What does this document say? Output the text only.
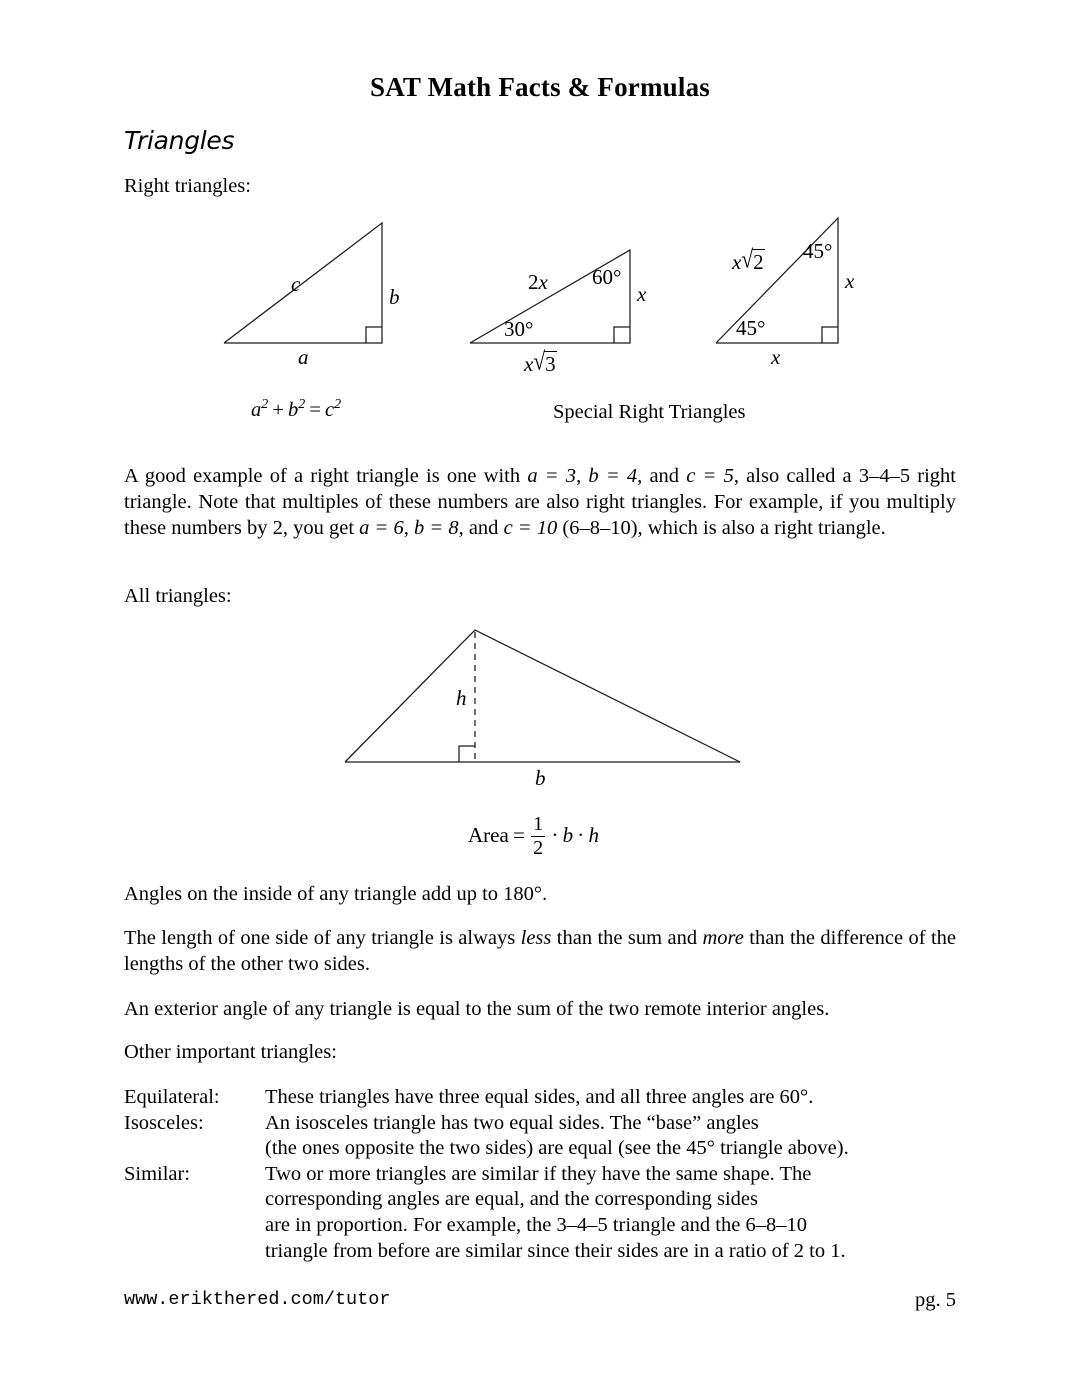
SAT Math Facts & Formulas
Triangles
Right triangles:
c
b
a
2x 60°
x
30°
x√3
x√2 45°
x
45°
x
$a^2 + b^2 = c^2$	Special Right Triangles
A good example of a right triangle is one with a = 3, b = 4, and c = 5, also called a 3–4–5 right triangle. Note that multiples of these numbers are also right triangles. For example, if you multiply these numbers by 2, you get a = 6, b = 8, and c = 10 (6–8–10), which is also a right triangle.
All triangles:
h
b
Area =  $\frac{1}{2} \cdot b \cdot h$
Angles on the inside of any triangle add up to 180°.
The length of one side of any triangle is always less than the sum and more than the difference of the lengths of the other two sides.
An exterior angle of any triangle is equal to the sum of the two remote interior angles.
Other important triangles:
Equilateral:	These triangles have three equal sides, and all three angles are 60°.
Isosceles:	An isosceles triangle has two equal sides. The “base” angles
(the ones opposite the two sides) are equal (see the 45° triangle above).
Similar:	Two or more triangles are similar if they have the same shape. The
corresponding angles are equal, and the corresponding sides
are in proportion. For example, the 3–4–5 triangle and the 6–8–10
triangle from before are similar since their sides are in a ratio of 2 to 1.
www.erikthered.com/tutor	pg. 5
